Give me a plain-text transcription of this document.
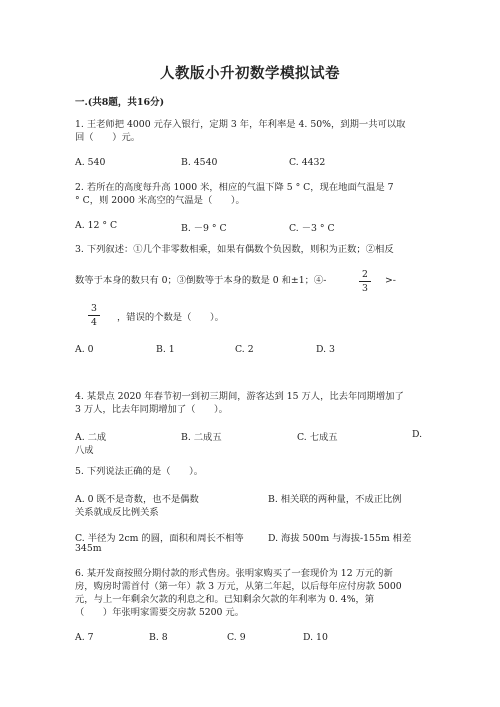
人教版小升初数学模拟试卷
一.(共8题，共16分)
1. 王老师把 4000 元存入银行，定期 3 年，年利率是 4. 50%，到期一共可以取
回（　　）元。
A. 540	B. 4540	C. 4432
2. 若所在的高度每升高 1000 米，相应的气温下降 5 ° C，现在地面气温是 7
° C，则 2000 米高空的气温是（　　）。
A. 12 ° C	B. －9 ° C	C. －3 ° C
3. 下列叙述：①几个非零数相乘，如果有偶数个负因数，则积为正数；②相反
数等于本身的数只有 0；③倒数等于本身的数是 0 和±1；④-
2
3
>-
3
4	，错误的个数是（　　）。
A. 0	B. 1	C. 2	D. 3
4. 某景点 2020 年春节初一到初三期间，游客达到 15 万人，比去年同期增加了
3 万人，比去年同期增加了（　　）。
A. 二成	B. 二成五	C. 七成五	D.
八成
5. 下列说法正确的是（　　）。
A. 0 既不是奇数，也不是偶数	B. 相关联的两种量，不成正比例
关系就成反比例关系
C. 半径为 2cm 的圆，面积和周长不相等	D. 海拔 500m 与海拔-155m 相差
345m
6. 某开发商按照分期付款的形式售房。张明家购买了一套现价为 12 万元的新
房，购房时需首付（第一年）款 3 万元，从第二年起，以后每年应付房款 5000
元，与上一年剩余欠款的利息之和。已知剩余欠款的年利率为 0. 4%，第
（　　）年张明家需要交房款 5200 元。
A. 7	B. 8	C. 9	D. 10
